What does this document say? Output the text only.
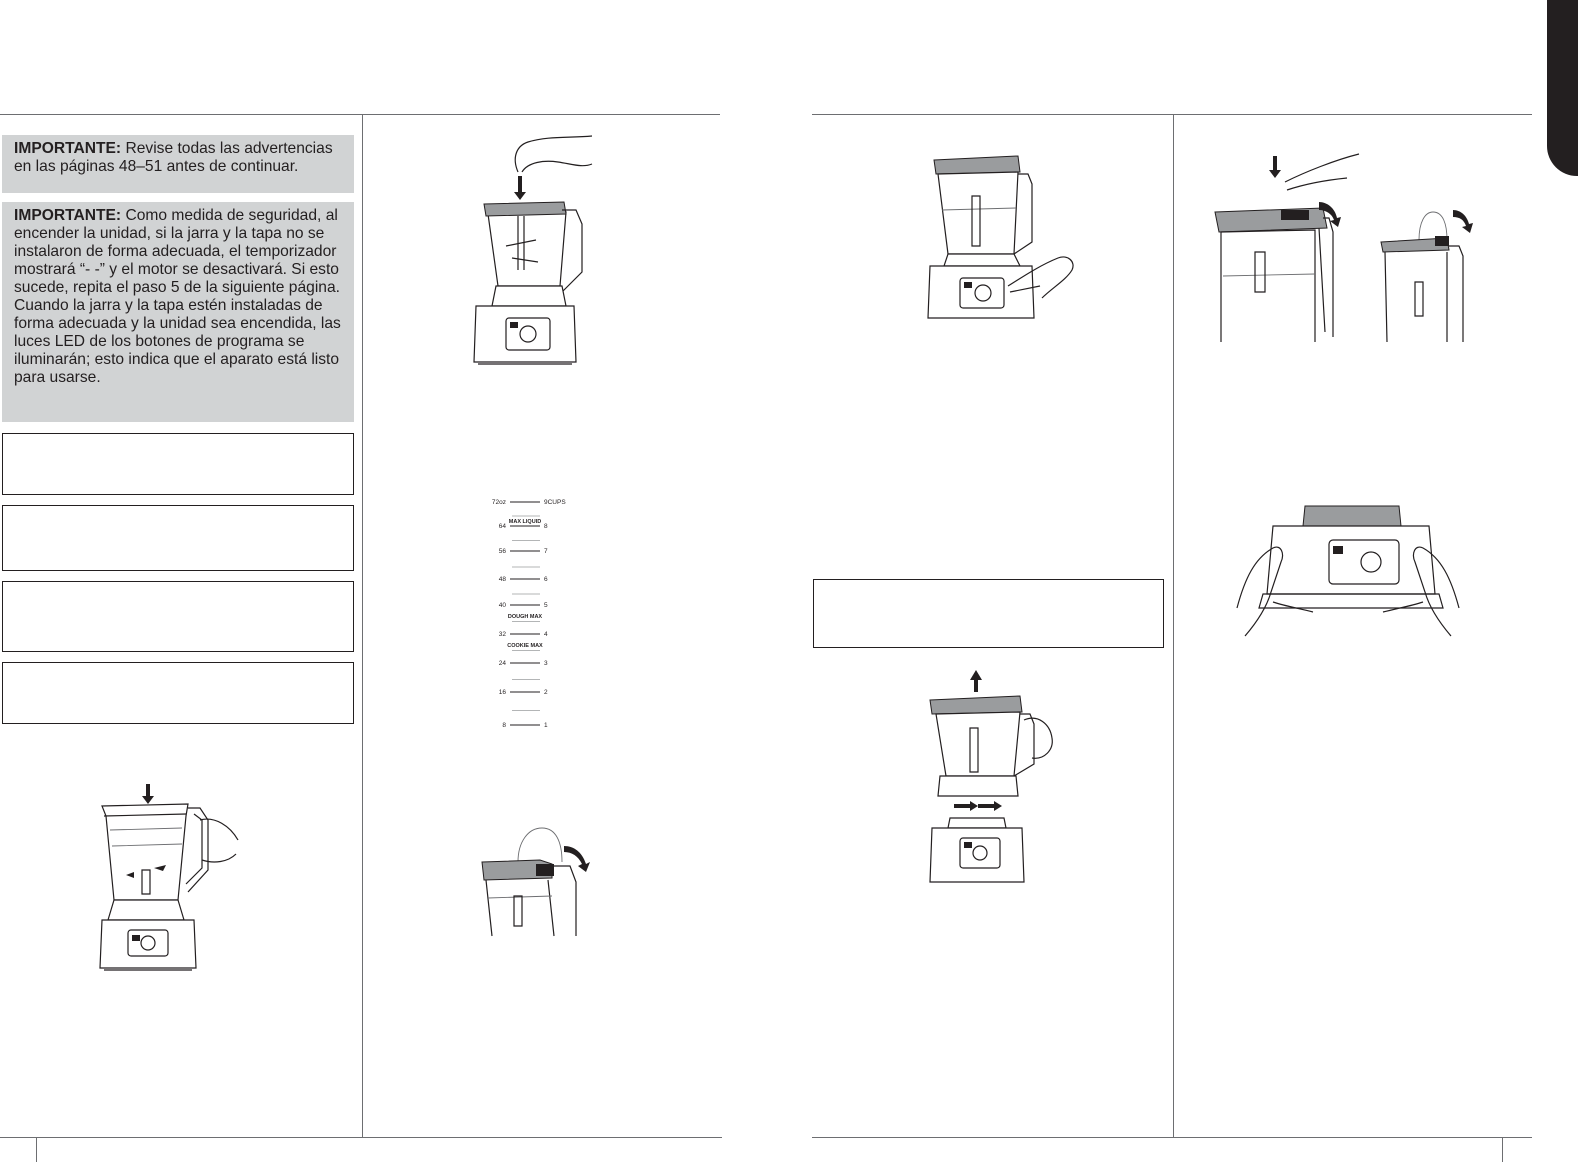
IMPORTANTE: Revise todas las advertencias en las páginas 48–51 antes de continuar.
IMPORTANTE: Como medida de seguridad, al encender la unidad, si la jarra y la tapa no se instalaron de forma adecuada, el temporizador mostrará “- -” y el motor se desactivará. Si esto sucede, repita el paso 5 de la siguiente página. Cuando la jarra y la tapa estén instaladas de forma adecuada y la unidad sea encendida, las luces LED de los botones de programa se iluminarán; esto indica que el aparato está listo para usarse.
72oz	9CUPS
64	8
56	7
48	6
40	5
32	4
24	3
16	2
8	1
MAX LIQUID
DOUGH MAX
COOKIE MAX
